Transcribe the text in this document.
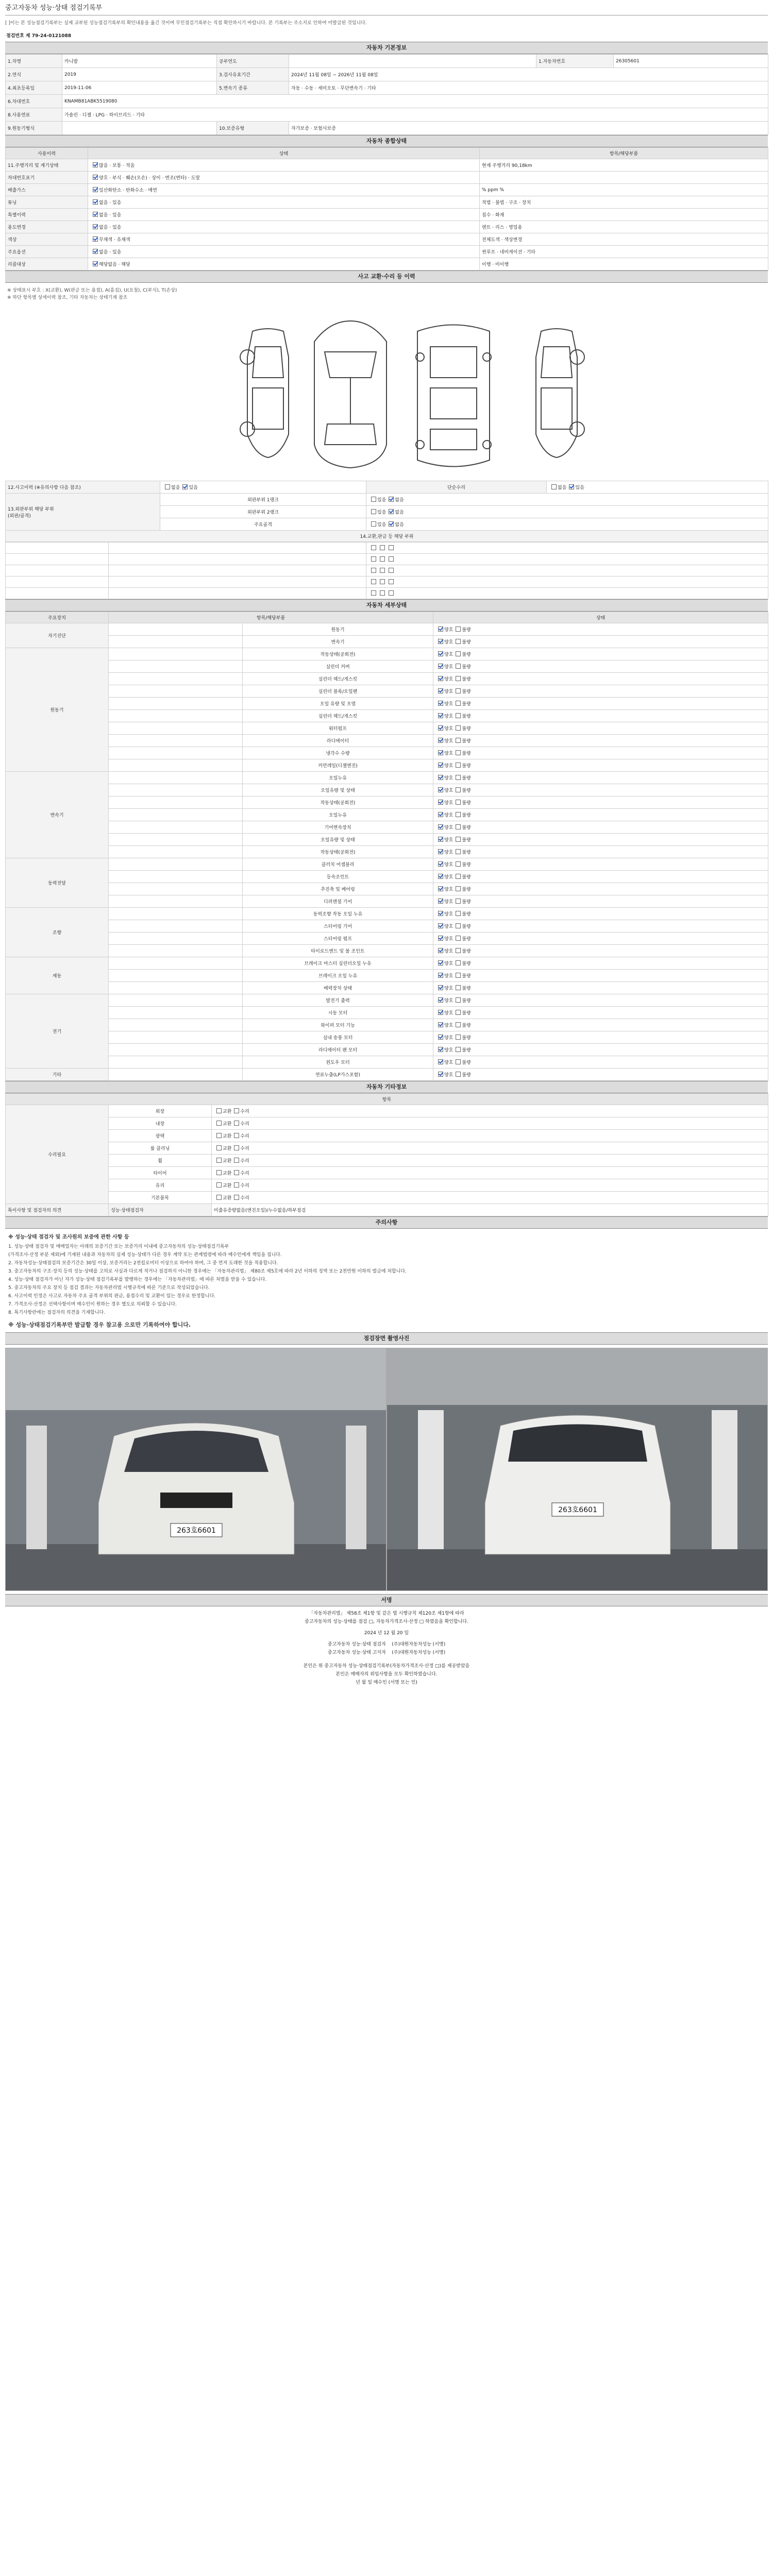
중고자동차 성능·상태 점검기록부
[ ]이는 본 성능점검기록부는 실제 교부된 성능점검기록부의 확인내용을 옮긴 것이며 무인점검기록부는 직접 확인하시기 바랍니다. 본 기록부는 주소지로 인하여 미발급된 것입니다.
점검번호 제 79-24-0121088
자동차 기본정보
1.차명	카니발	공부연도		1.자동차번호	26305601
2.연식	2019	3.검사유효기간	2024년 11월 08일 ~ 2026년 11월 08일		
4.최초등록일	2019-11-06	5.변속기 종류	자동 · 수동 · 세미오토 · 무단변속기 · 기타		
6.차대번호	KNAMB81ABK5519080				
8.사용연료	가솔린 · 디젤 · LPG · 하이브리드 · 기타				
9.원동기형식		10.보증유형	자가보증 · 보험사보증		
자동차 종합상태
사용이력	상태	항목/해당부품
11.주행거리 및 계기상태	많음 · 보통 · 적음	현재 주행거리 90,18km
차대번호표기	양호 · 부식 · 훼손(오손) · 상이 · 변조(변타) · 도말	
배출가스	일산화탄소 · 탄화수소 · 매연	% ppm %
튜닝	없음 · 있음	적법 · 불법 · 구조 · 장치
특별이력	없음 · 있음	침수 · 화재
용도변경	없음 · 있음	렌트 · 리스 · 영업용
색상	무채색 · 유채색	전체도색 · 색상변경
주요옵션	없음 · 있음	썬루프 · 네비게이션 · 기타
리콜대상	해당없음 · 해당	이행 · 미이행
사고 교환·수리 등 이력
※ 상태표시 부호 : X(교환), W(판금 또는 용접), A(흠집), U(요철), C(부식), T(손상)
※ 하단 항목별 상세이력 참조, 기타 자동차는 상태기재 참조
12.사고이력 (※유의사항 다음 참조)	없음 있음	단순수리	없음 있음
13.외판부위 해당 부위
(외판/골격)	외판부위 1랭크	있음 없음	
	외판부위 2랭크	있음 없음	
	주요골격	있음 없음	
14.교환,판금 등 해당 부위			

자동차 세부상태
주요장치	항목/해당부품		상태
자기진단		원동기	양호 불량
		변속기	양호 불량
원동기		작동상태(공회전)	양호 불량
		실린더 커버	양호 불량
		실린더 헤드/개스킷	양호 불량
		실린더 블록/오일팬	양호 불량
		오일 유량 및 오염	양호 불량
		실린더 헤드/개스킷	양호 불량
		워터펌프	양호 불량
		라디에이터	양호 불량
		냉각수 수량	양호 불량
		커먼레일(디젤엔진)	양호 불량
변속기		오일누유	양호 불량
		오일유량 및 상태	양호 불량
		작동상태(공회전)	양호 불량
		오일누유	양호 불량
		기어변속장치	양호 불량
		오일유량 및 상태	양호 불량
		작동상태(공회전)	양호 불량
동력전달		클러치 어셈블리	양호 불량
		등속조인트	양호 불량
		추진축 및 베어링	양호 불량
		디퍼렌셜 기어	양호 불량
조향		동력조향 작동 오일 누유	양호 불량
		스티어링 기어	양호 불량
		스티어링 펌프	양호 불량
		타이로드엔드 및 볼 조인트	양호 불량
제동		브레이크 마스터 실린더오일 누유	양호 불량
		브레이크 오일 누유	양호 불량
		배력장치 상태	양호 불량
전기		발전기 출력	양호 불량
		시동 모터	양호 불량
		와이퍼 모터 기능	양호 불량
		실내 송풍 모터	양호 불량
		라디에이터 팬 모터	양호 불량
		윈도우 모터	양호 불량
기타		연료누출(LP가스포함)	양호 불량
자동차 기타정보
항목		
수리필요	외장	교환 수리
	내장	교환 수리
	광택	교환 수리
	룸 클리닝	교환 수리
	휠	교환 수리
	타이어	교환 수리
	유리	교환 수리
	기본품목	교환 수리
특이사항 및 점검자의 의견	성능·상태점검자	미출유증량없음(엔진오일)/누수없음/하부점검
주의사항

※ 성능·상태 점검자 및 조사원의 보증에 관한 사항 등

1. 성능·상태 점검자 및 매매업자는 아래의 보증기간 또는 보증거리 이내에 중고자동차의 성능·상태점검기록부

(가격조사·산정 부분 제외)에 기재된 내용과 자동차의 실제 성능·상태가 다른 경우 계약 또는 관계법령에 따라 매수인에게 책임을 집니다.

2. 자동차성능·상태점검의 보증기간은 30일 이상, 보증거리는 2천킬로미터 이상으로 하여야 하며, 그 중 먼저 도래한 것을 적용합니다.

3. 중고자동차의 구조·장치 등의 성능·상태를 고의로 사실과 다르게 적거나 점검하지 아니한 경우에는 「자동차관리법」 제80조 제5호에 따라 2년 이하의 징역 또는 2천만원 이하의 벌금에 처합니다.

4. 성능·상태 점검자가 아닌 자가 성능·상태 점검기록부를 발행하는 경우에는 「자동차관리법」에 따른 처벌을 받을 수 있습니다.

5. 중고자동차의 주요 장치 등 점검 결과는 자동차관리법 시행규칙에 따른 기준으로 작성되었습니다.

6. 사고이력 인정은 사고로 자동차 주요 골격 부위의 판금, 용접수리 및 교환이 있는 경우로 한정합니다.

7. 가격조사·산정은 선택사항이며 매수인이 원하는 경우 별도로 의뢰할 수 있습니다.

8. 특기사항란에는 점검자의 의견을 기재합니다.

※ 성능·상태점검기록부만 발급할 경우 참고용 으로만 기록하여야 합니다.

점검장면 촬영사진
263호6601
263호6601
서명
「자동차관리법」 제58조 제1항 및 같은 법 시행규칙 제120조 제1항에 따라
중고자동차의 성능·상태를 점검 □, 자동차가격조사·산정 □ 하였음을 확인합니다.
2024 년 12 월 20 일
중고자동차 성능·상태 점검자 (주)대원자동차성능 (서명)
중고자동차 성능·상태 고지자 (주)대원자동차성능 (서명)
본인은 위 중고자동차 성능·상태점검기록부(자동차가격조사·산정 □)를 제공받았음
본인은 매매자의 위임사항을 모두 확인하였습니다.
년 월 일 매수인 (서명 또는 인)
